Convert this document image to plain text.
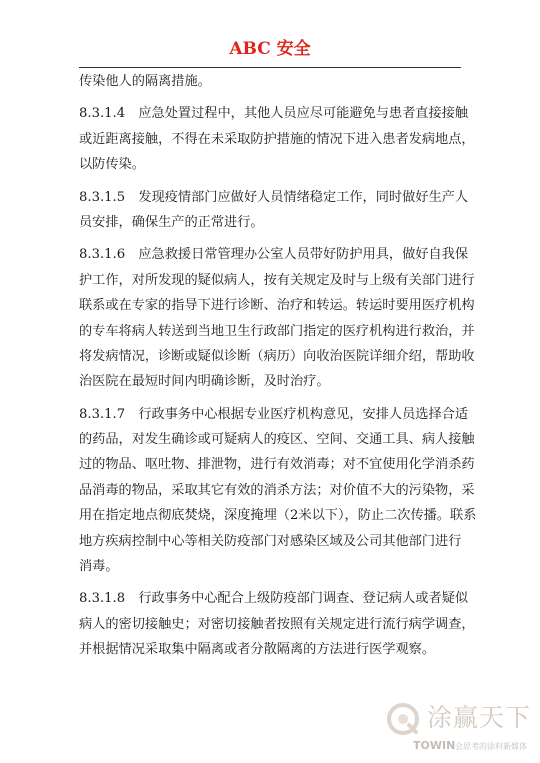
ABC 安全
传染他人的隔离措施。
8.3.1.4　应急处置过程中，其他人员应尽可能避免与患者直接接触
或近距离接触，不得在未采取防护措施的情况下进入患者发病地点，
以防传染。
8.3.1.5　发现疫情部门应做好人员情绪稳定工作，同时做好生产人
员安排，确保生产的正常进行。
8.3.1.6　应急救援日常管理办公室人员带好防护用具，做好自我保
护工作，对所发现的疑似病人，按有关规定及时与上级有关部门进行
联系或在专家的指导下进行诊断、治疗和转运。转运时要用医疗机构
的专车将病人转送到当地卫生行政部门指定的医疗机构进行救治，并
将发病情况，诊断或疑似诊断（病历）向收治医院详细介绍，帮助收
治医院在最短时间内明确诊断，及时治疗。
8.3.1.7　行政事务中心根据专业医疗机构意见，安排人员选择合适
的药品，对发生确诊或可疑病人的疫区、空间、交通工具、病人接触
过的物品、呕吐物、排泄物，进行有效消毒；对不宜使用化学消杀药
品消毒的物品，采取其它有效的消杀方法；对价值不大的污染物，采
用在指定地点彻底焚烧，深度掩埋（2米以下），防止二次传播。联系
地方疾病控制中心等相关防疫部门对感染区域及公司其他部门进行
消毒。
8.3.1.8　行政事务中心配合上级防疫部门调查、登记病人或者疑似
病人的密切接触史；对密切接触者按照有关规定进行流行病学调查，
并根据情况采取集中隔离或者分散隔离的方法进行医学观察。
涂赢天下
TOWIN 会思考的涂料新媒体
